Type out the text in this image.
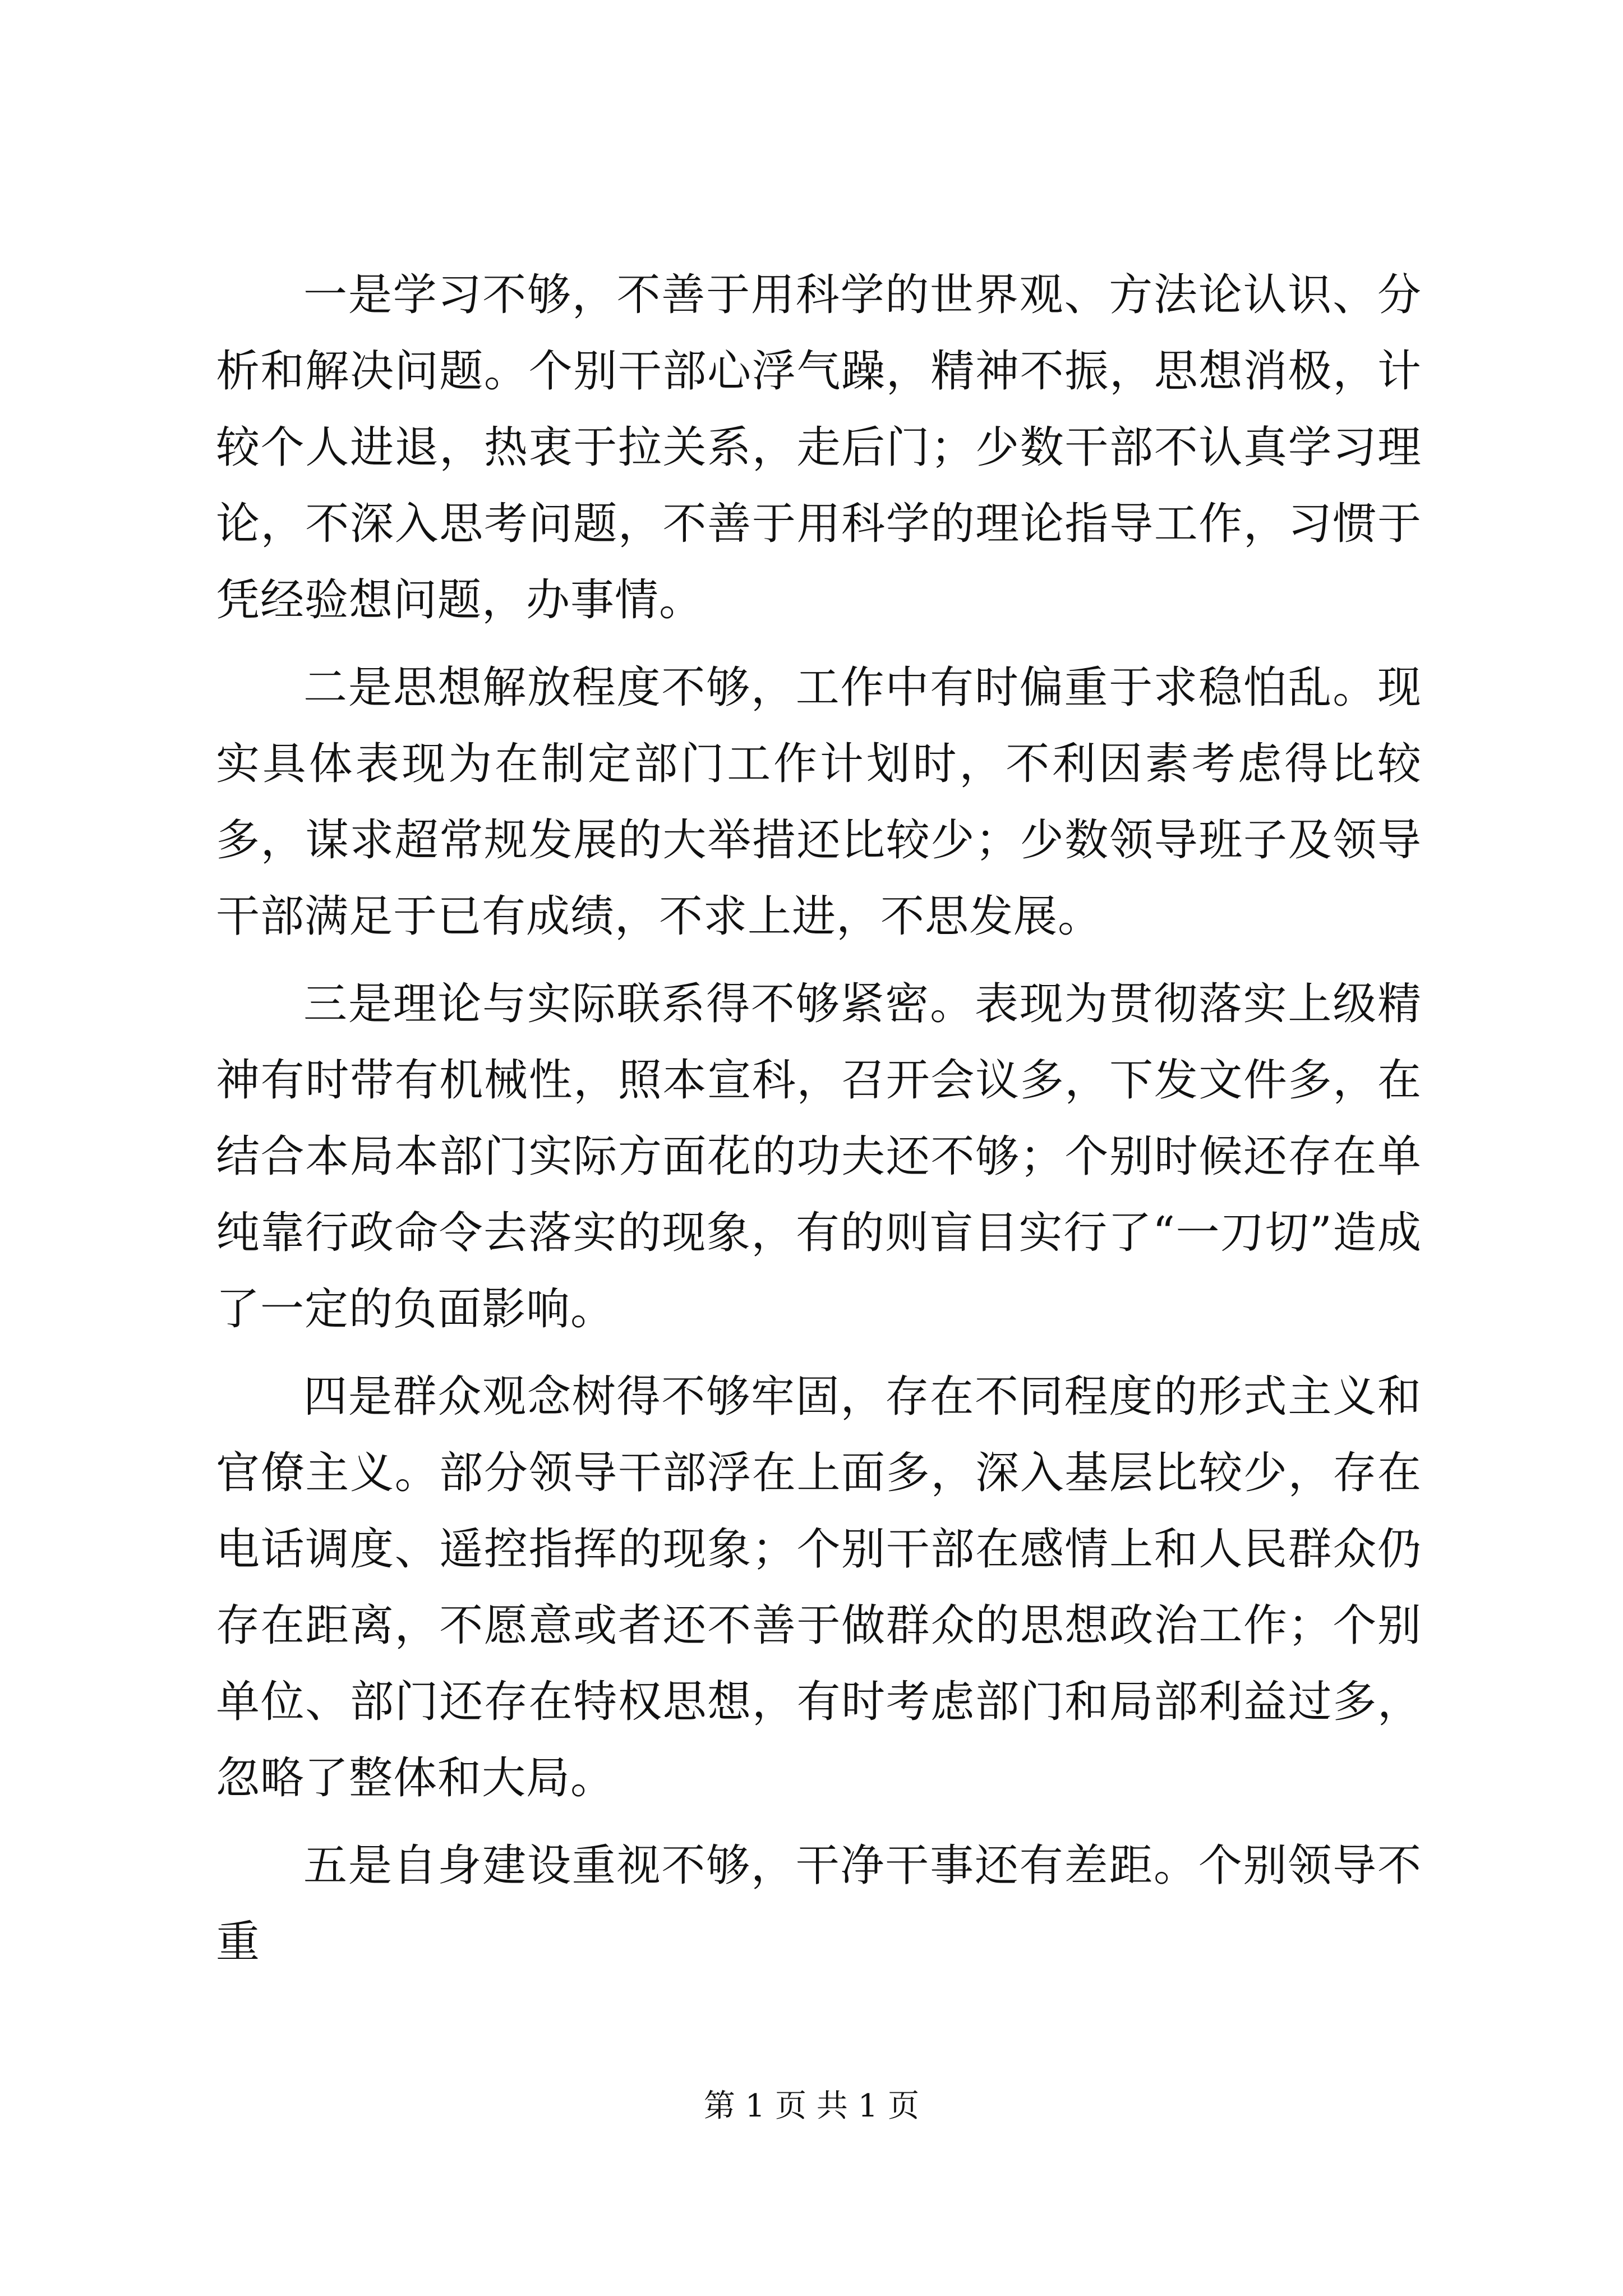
一是学习不够，不善于用科学的世界观、方法论认识、分析和解决问题。个别干部心浮气躁，精神不振，思想消极，计较个人进退，热衷于拉关系，走后门；少数干部不认真学习理论，不深入思考问题，不善于用科学的理论指导工作，习惯于凭经验想问题，办事情。

二是思想解放程度不够，工作中有时偏重于求稳怕乱。现实具体表现为在制定部门工作计划时，不利因素考虑得比较多，谋求超常规发展的大举措还比较少；少数领导班子及领导干部满足于已有成绩，不求上进，不思发展。

三是理论与实际联系得不够紧密。表现为贯彻落实上级精神有时带有机械性，照本宣科，召开会议多，下发文件多，在结合本局本部门实际方面花的功夫还不够；个别时候还存在单纯靠行政命令去落实的现象，有的则盲目实行了“一刀切”造成了一定的负面影响。

四是群众观念树得不够牢固，存在不同程度的形式主义和官僚主义。部分领导干部浮在上面多，深入基层比较少，存在电话调度、遥控指挥的现象；个别干部在感情上和人民群众仍存在距离，不愿意或者还不善于做群众的思想政治工作；个别单位、部门还存在特权思想，有时考虑部门和局部利益过多，忽略了整体和大局。

五是自身建设重视不够，干净干事还有差距。个别领导不重

第 1 页 共 1 页
